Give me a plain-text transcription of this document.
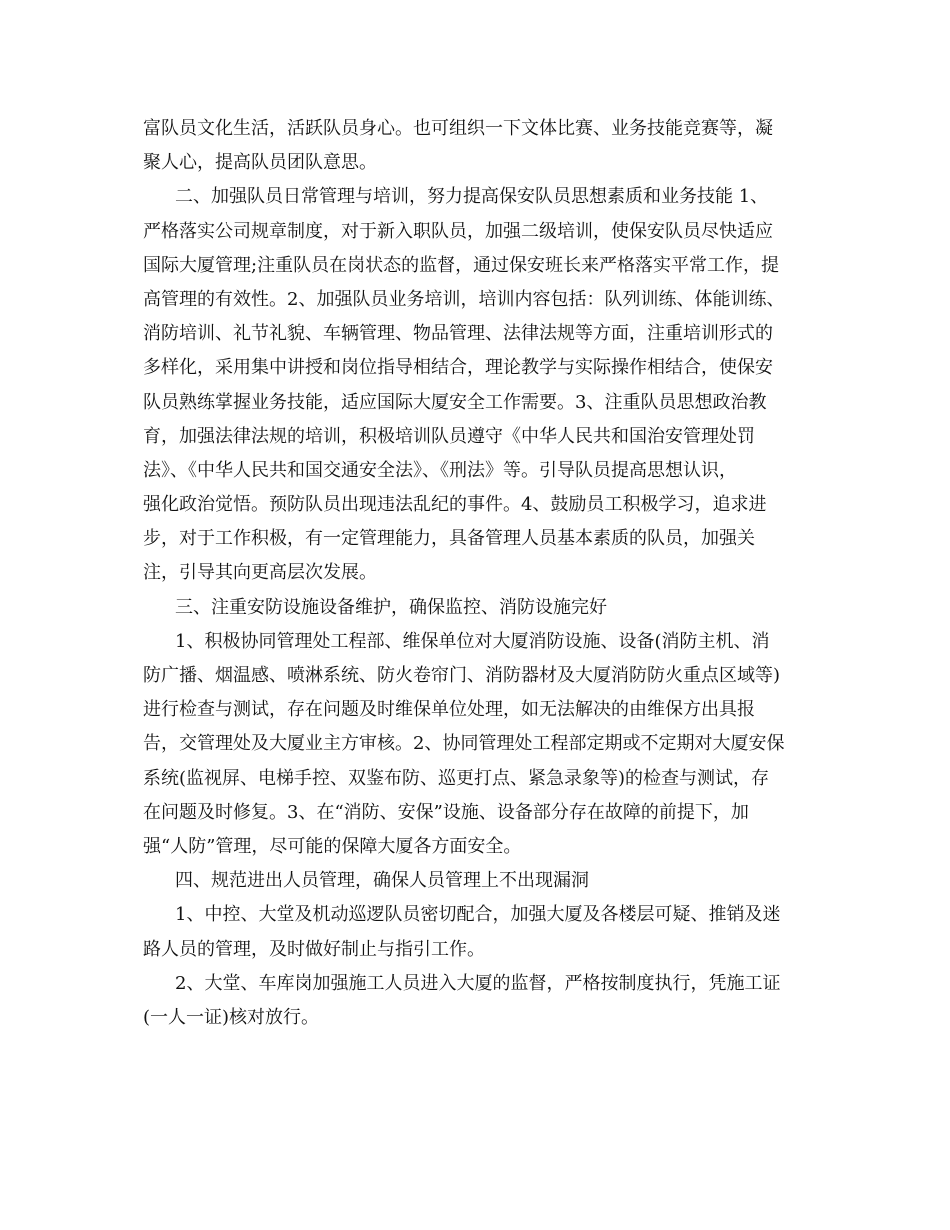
富队员文化生活，活跃队员身心。也可组织一下文体比赛、业务技能竞赛等，凝
聚人心，提高队员团队意思。
二、加强队员日常管理与培训，努力提高保安队员思想素质和业务技能 1、
严格落实公司规章制度，对于新入职队员，加强二级培训，使保安队员尽快适应
国际大厦管理;注重队员在岗状态的监督，通过保安班长来严格落实平常工作，提
高管理的有效性。2、加强队员业务培训，培训内容包括：队列训练、体能训练、
消防培训、礼节礼貌、车辆管理、物品管理、法律法规等方面，注重培训形式的
多样化，采用集中讲授和岗位指导相结合，理论教学与实际操作相结合，使保安
队员熟练掌握业务技能，适应国际大厦安全工作需要。3、注重队员思想政治教
育，加强法律法规的培训，积极培训队员遵守《中华人民共和国治安管理处罚
法》、《中华人民共和国交通安全法》、《刑法》等。引导队员提高思想认识，
强化政治觉悟。预防队员出现违法乱纪的事件。4、鼓励员工积极学习，追求进
步，对于工作积极，有一定管理能力，具备管理人员基本素质的队员，加强关
注，引导其向更高层次发展。
三、注重安防设施设备维护，确保监控、消防设施完好
1、积极协同管理处工程部、维保单位对大厦消防设施、设备(消防主机、消
防广播、烟温感、喷淋系统、防火卷帘门、消防器材及大厦消防防火重点区域等)
进行检查与测试，存在问题及时维保单位处理，如无法解决的由维保方出具报
告，交管理处及大厦业主方审核。2、协同管理处工程部定期或不定期对大厦安保
系统(监视屏、电梯手控、双鉴布防、巡更打点、紧急录象等)的检查与测试，存
在问题及时修复。3、在“消防、安保”设施、设备部分存在故障的前提下，加
强“人防”管理，尽可能的保障大厦各方面安全。
四、规范进出人员管理，确保人员管理上不出现漏洞
1、中控、大堂及机动巡逻队员密切配合，加强大厦及各楼层可疑、推销及迷
路人员的管理，及时做好制止与指引工作。
2、大堂、车库岗加强施工人员进入大厦的监督，严格按制度执行，凭施工证
(一人一证)核对放行。
